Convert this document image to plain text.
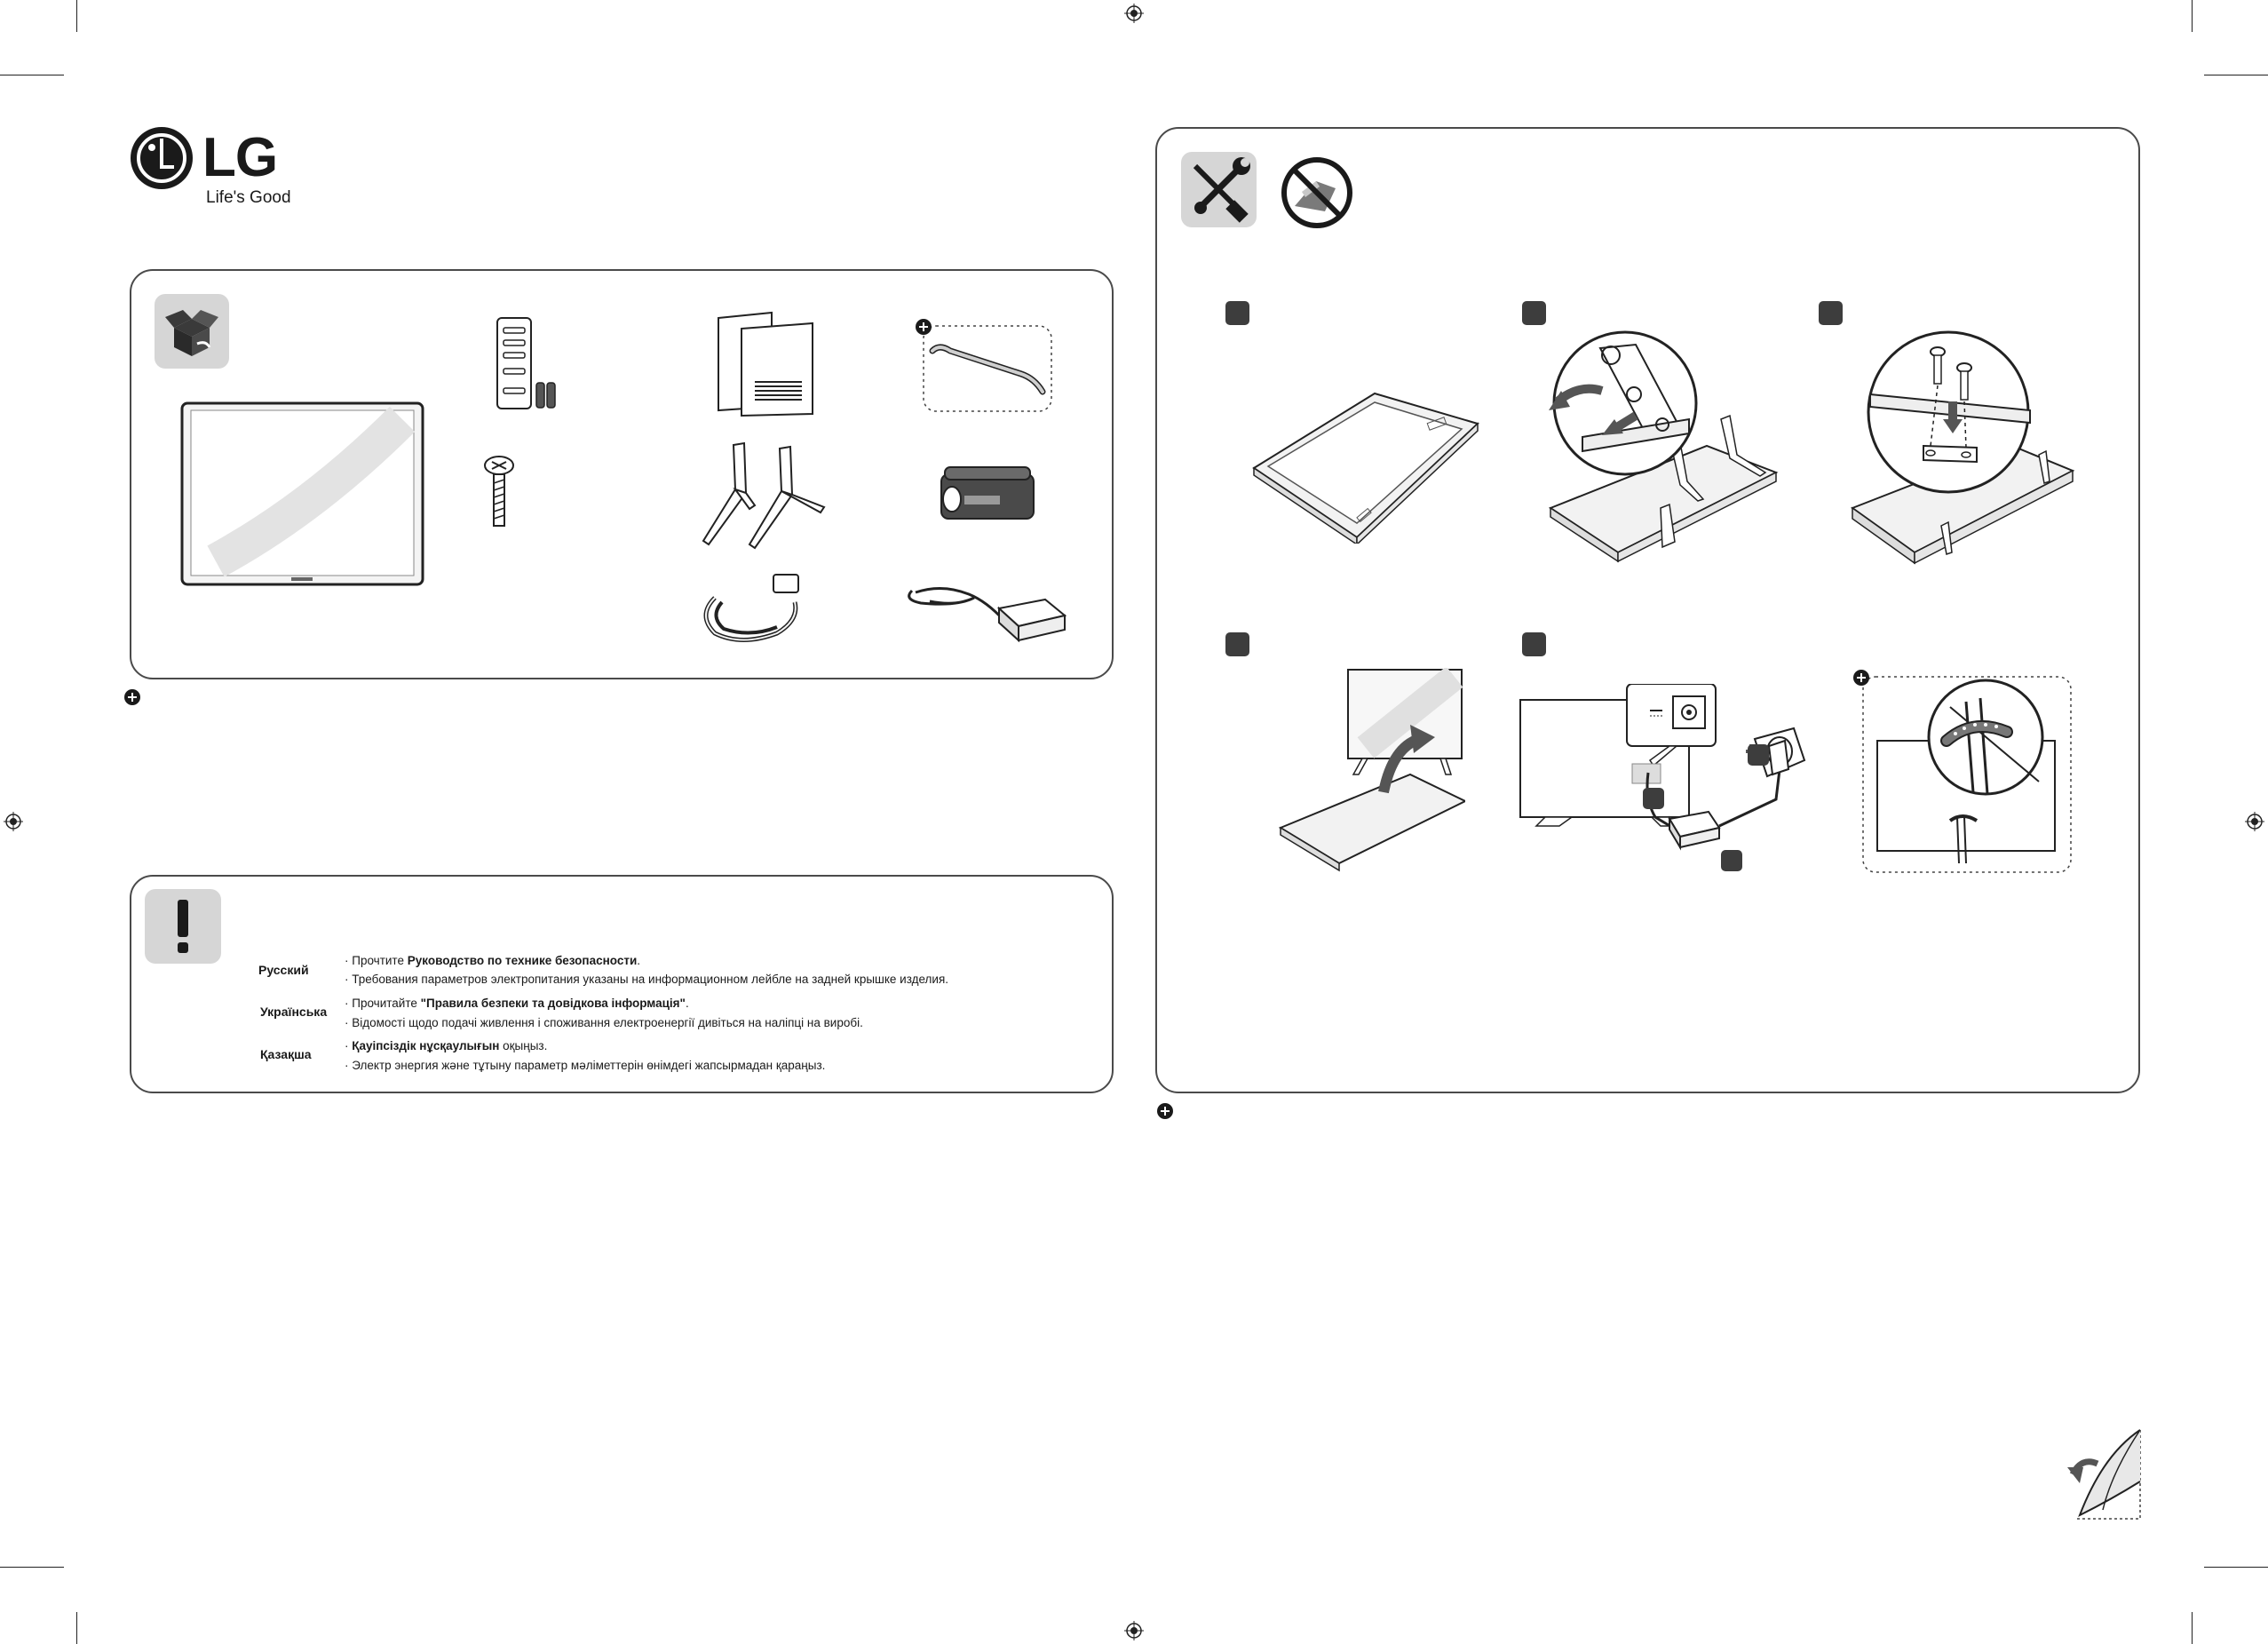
LG
Life's Good
Русский
· Прочтите Руководство по технике безопасности.
· Требования параметров электропитания указаны на информационном лейбле на задней крышке изделия.
Українська
· Прочитайте "Правила безпеки та довідкова інформація".
· Відомості щодо подачі живлення і споживання електроенергії дивіться на наліпці на виробі.
Қазақша
· Қауіпсіздік нұсқаулығын оқыңыз.
· Электр энергия және тұтыну параметр мәліметтерін өнімдегі жапсырмадан қараңыз.
